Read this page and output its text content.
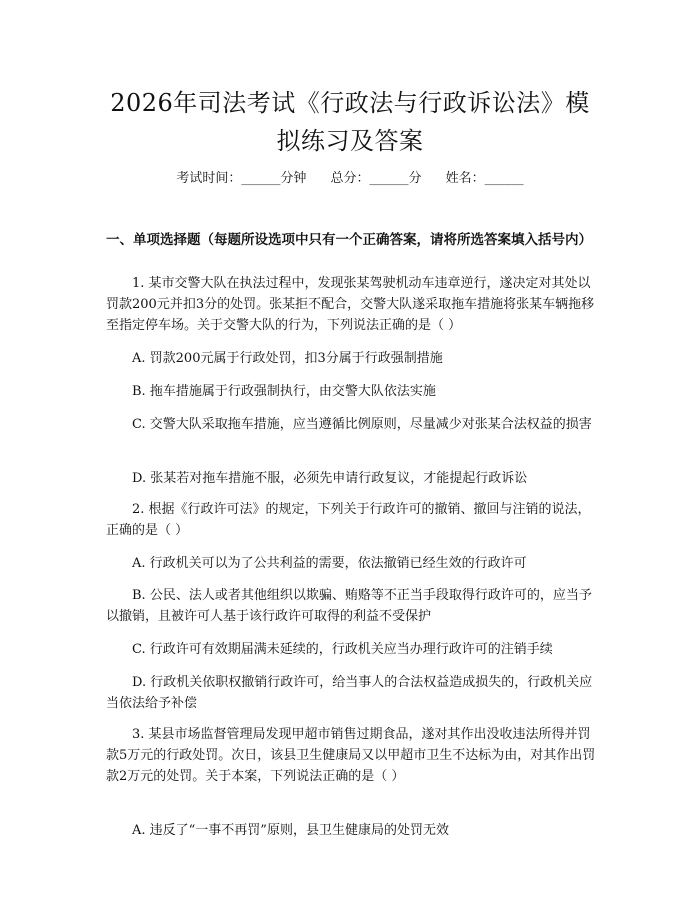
2026年司法考试《行政法与行政诉讼法》模拟练习及答案
考试时间：______分钟 总分：______分 姓名：______
一、单项选择题（每题所设选项中只有一个正确答案，请将所选答案填入括号内）
1. 某市交警大队在执法过程中，发现张某驾驶机动车违章逆行，遂决定对其处以罚款200元并扣3分的处罚。张某拒不配合，交警大队遂采取拖车措施将张某车辆拖移至指定停车场。关于交警大队的行为，下列说法正确的是（ ）
A. 罚款200元属于行政处罚，扣3分属于行政强制措施
B. 拖车措施属于行政强制执行，由交警大队依法实施
C. 交警大队采取拖车措施，应当遵循比例原则，尽量减少对张某合法权益的损害
D. 张某若对拖车措施不服，必须先申请行政复议，才能提起行政诉讼
2. 根据《行政许可法》的规定，下列关于行政许可的撤销、撤回与注销的说法，正确的是（ ）
A. 行政机关可以为了公共利益的需要，依法撤销已经生效的行政许可
B. 公民、法人或者其他组织以欺骗、贿赂等不正当手段取得行政许可的，应当予以撤销，且被许可人基于该行政许可取得的利益不受保护
C. 行政许可有效期届满未延续的，行政机关应当办理行政许可的注销手续
D. 行政机关依职权撤销行政许可，给当事人的合法权益造成损失的，行政机关应当依法给予补偿
3. 某县市场监督管理局发现甲超市销售过期食品，遂对其作出没收违法所得并罚款5万元的行政处罚。次日，该县卫生健康局又以甲超市卫生不达标为由，对其作出罚款2万元的处罚。关于本案，下列说法正确的是（ ）
A. 违反了“一事不再罚”原则，县卫生健康局的处罚无效
